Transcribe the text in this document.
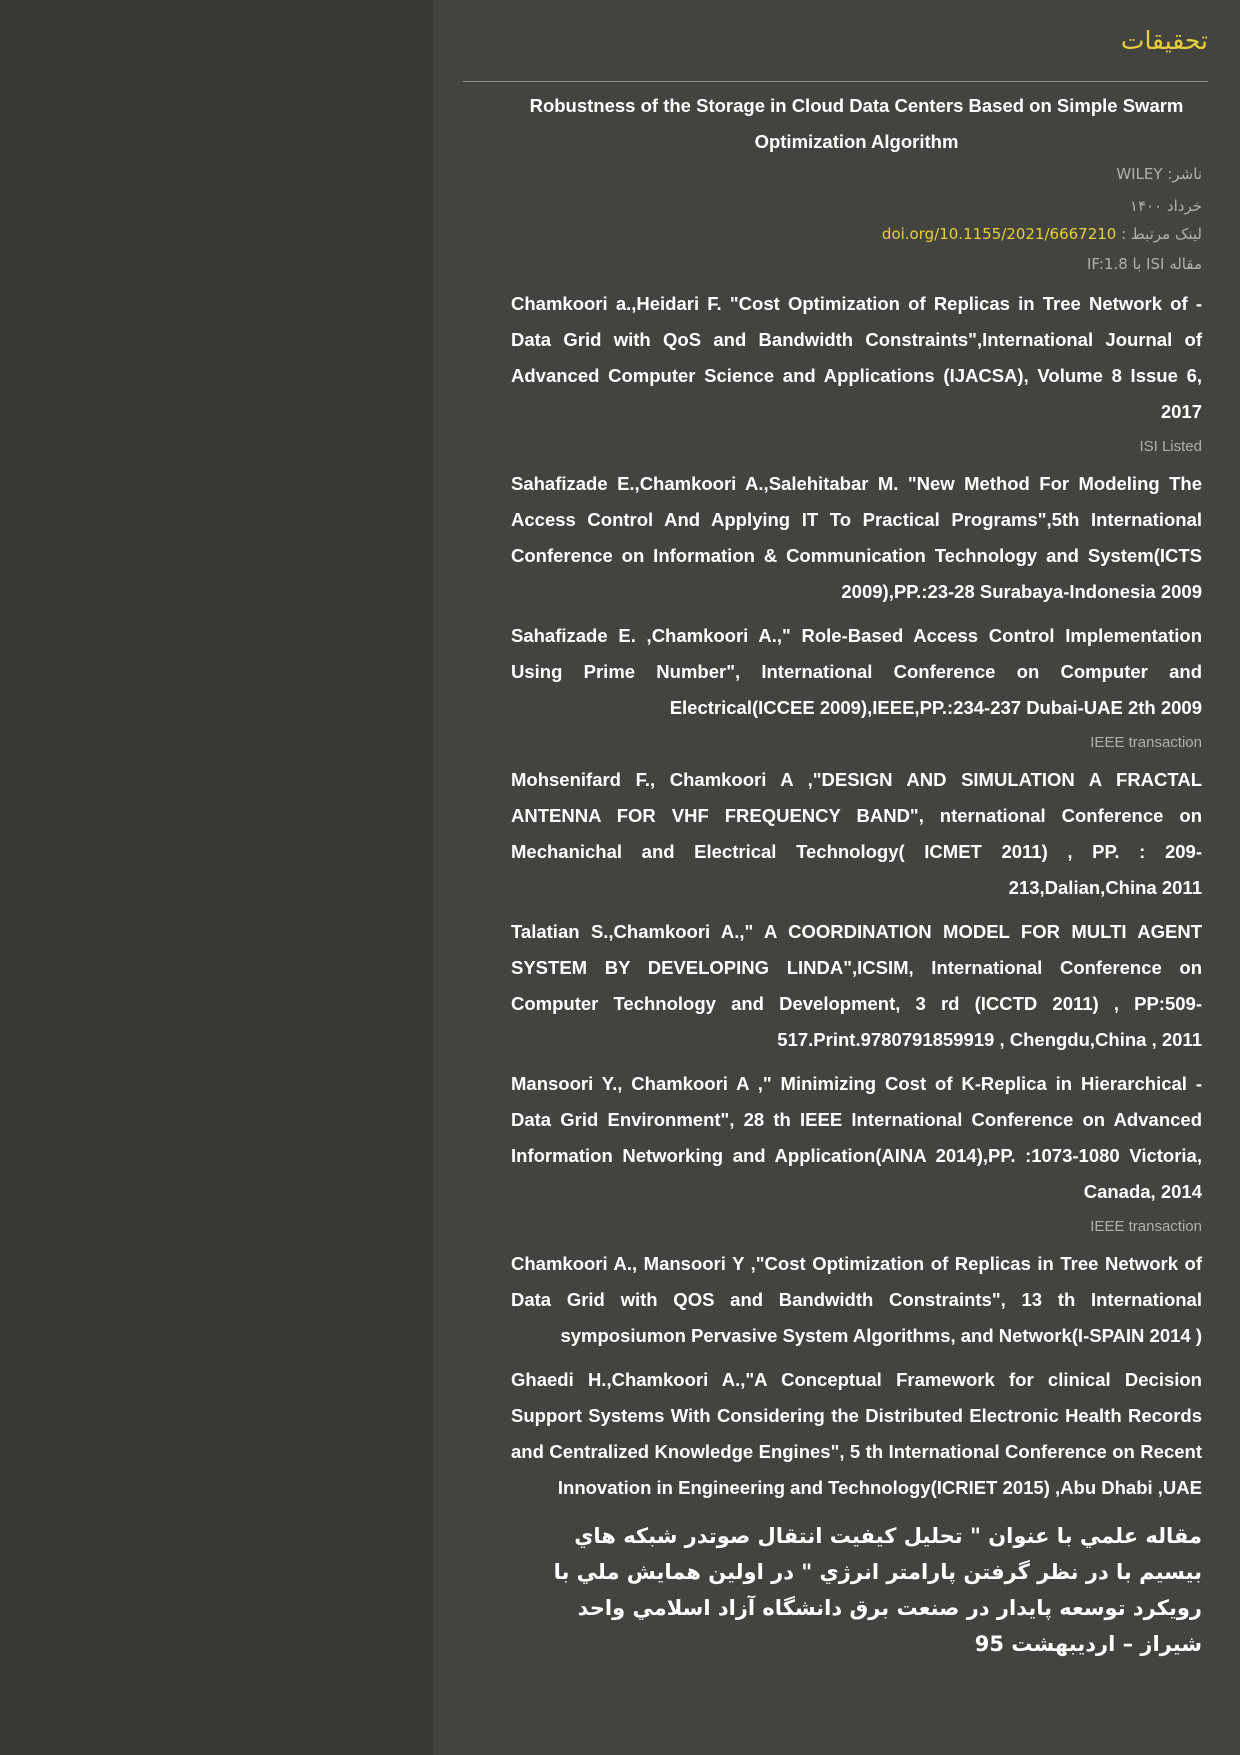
تحقیقات

Robustness of the Storage in Cloud Data Centers Based on Simple Swarm Optimization Algorithm

ناشر: WILEY

خرداد ۱۴۰۰

لینک مرتبط : doi.org/10.1155/2021/6667210

مقاله ISI با IF:1.8

Chamkoori a.,Heidari F. "Cost Optimization of Replicas in Tree Network of - Data Grid with QoS and Bandwidth Constraints",International Journal of Advanced Computer Science and Applications (IJACSA), Volume 8 Issue 6, 2017

ISI Listed

Sahafizade E.,Chamkoori A.,Salehitabar M. "New Method For Modeling The Access Control And Applying IT To Practical Programs",5th International Conference on Information & Communication Technology and System(ICTS 2009),PP.:23-28 Surabaya-Indonesia 2009

Sahafizade E. ,Chamkoori A.," Role-Based Access Control Implementation Using Prime Number", International Conference on Computer and Electrical(ICCEE 2009),IEEE,PP.:234-237 Dubai-UAE 2th 2009

IEEE transaction

Mohsenifard F., Chamkoori A ,"DESIGN AND SIMULATION A FRACTAL ANTENNA FOR VHF FREQUENCY BAND", nternational Conference on Mechanichal and Electrical Technology( ICMET 2011) , PP. : 209-213,Dalian,China 2011

Talatian S.,Chamkoori A.," A COORDINATION MODEL FOR MULTI AGENT SYSTEM BY DEVELOPING LINDA",ICSIM, International Conference on Computer Technology and Development, 3 rd (ICCTD 2011) , PP:509-517.Print.9780791859919 , Chengdu,China , 2011

Mansoori Y., Chamkoori A ," Minimizing Cost of K-Replica in Hierarchical - Data Grid Environment", 28 th IEEE International Conference on Advanced Information Networking and Application(AINA 2014),PP. :1073-1080 Victoria, Canada, 2014

IEEE transaction

Chamkoori A., Mansoori Y ,"Cost Optimization of Replicas in Tree Network of Data Grid with QOS and Bandwidth Constraints", 13 th International symposiumon Pervasive System Algorithms, and Network(I-SPAIN 2014 )

Ghaedi H.,Chamkoori A.,"A Conceptual Framework for clinical Decision Support Systems With Considering the Distributed Electronic Health Records and Centralized Knowledge Engines", 5 th International Conference on Recent Innovation in Engineering and Technology(ICRIET 2015) ,Abu Dhabi ,UAE

مقاله علمي با عنوان " تحليل كيفيت انتقال صوتدر شبكه هاي بيسيم با در نظر گرفتن پارامتر انرژي " در اولين همايش ملي با رويكرد توسعه پايدار در صنعت برق دانشگاه آزاد اسلامي واحد شيراز – ارديبهشت 95
